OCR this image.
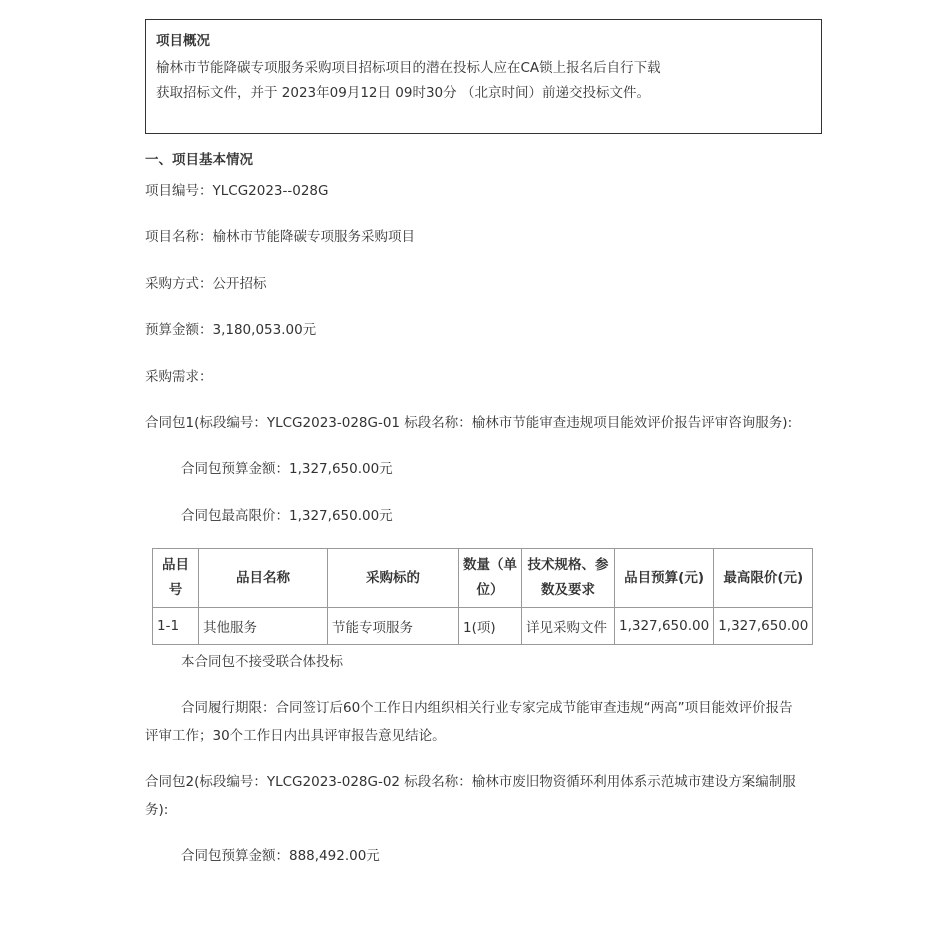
项目概况
榆林市节能降碳专项服务采购项目招标项目的潜在投标人应在CA锁上报名后自行下载
获取招标文件，并于 2023年09月12日 09时30分 （北京时间）前递交投标文件。
一、项目基本情况
项目编号：YLCG2023--028G
项目名称：榆林市节能降碳专项服务采购项目
采购方式：公开招标
预算金额：3,180,053.00元
采购需求：
合同包1(标段编号：YLCG2023-028G-01 标段名称：榆林市节能审查违规项目能效评价报告评审咨询服务):
合同包预算金额：1,327,650.00元
合同包最高限价：1,327,650.00元
品目号	品目名称	采购标的	数量（单位）	技术规格、参数及要求	品目预算(元)	最高限价(元)
1-1	其他服务	节能专项服务	1(项)	详见采购文件	1,327,650.00	1,327,650.00
本合同包不接受联合体投标
合同履行期限：合同签订后60个工作日内组织相关行业专家完成节能审查违规“两高”项目能效评价报告评审工作；30个工作日内出具评审报告意见结论。
合同包2(标段编号：YLCG2023-028G-02 标段名称：榆林市废旧物资循环利用体系示范城市建设方案编制服务):
合同包预算金额：888,492.00元
